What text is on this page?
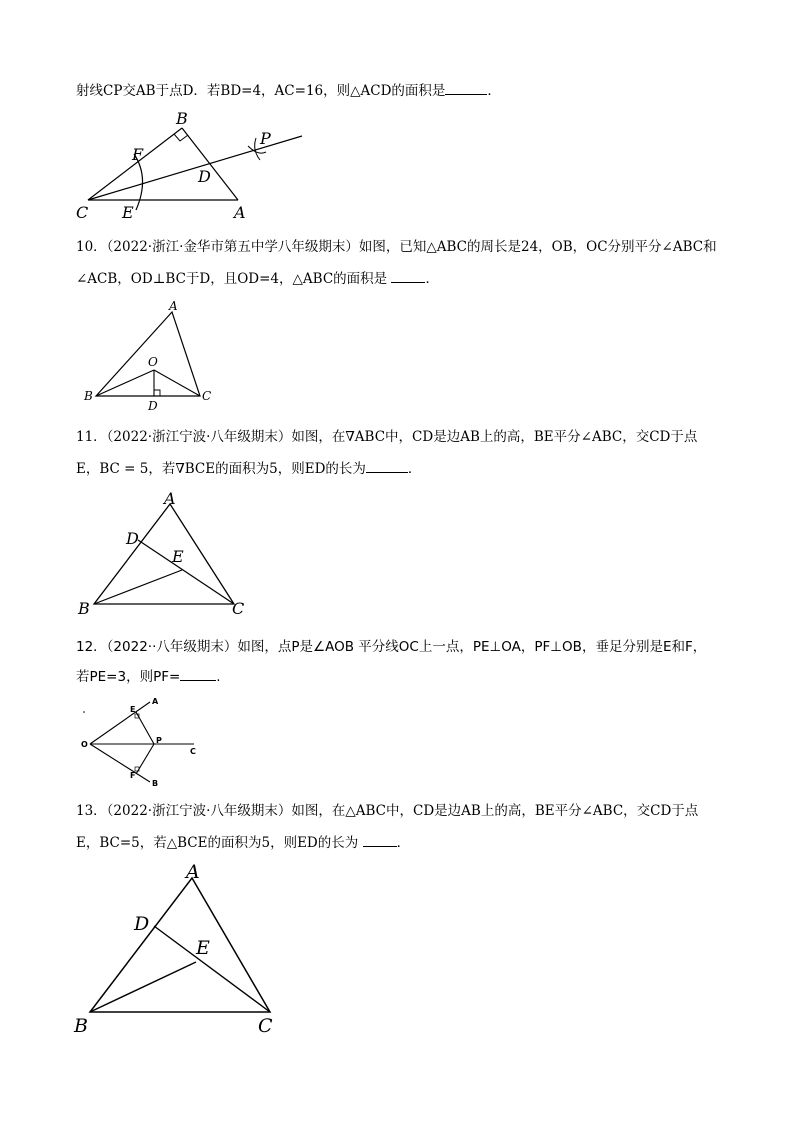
射线CP交AB于点D．若BD=4，AC=16，则△ACD的面积是	．
B
P
F
D
C E	A
10．（2022·浙江·金华市第五中学八年级期末）如图，已知△ABC的周长是24，OB，OC分别平分∠ABC和
∠ACB，OD⊥BC于D，且OD=4，△ABC的面积是	．
A
O
B
D
C
11．（2022·浙江宁波·八年级期末）如图，在∇ABC中，CD是边AB上的高，BE平分∠ABC，交CD于点
E，BC = 5，若∇BCE的面积为5，则ED的长为	．
A
D
E
B	C
12．（2022··八年级期末）如图，点P是∠AOB 平分线OC上一点，PE⊥OA，PF⊥OB，垂足分别是E和F，
若PE=3，则PF=	.
A
E
O	P
C
F
B
13．（2022·浙江宁波·八年级期末）如图，在△ABC中，CD是边AB上的高，BE平分∠ABC，交CD于点
E，BC=5，若△BCE的面积为5，则ED的长为	．
A
D
E
B	C
